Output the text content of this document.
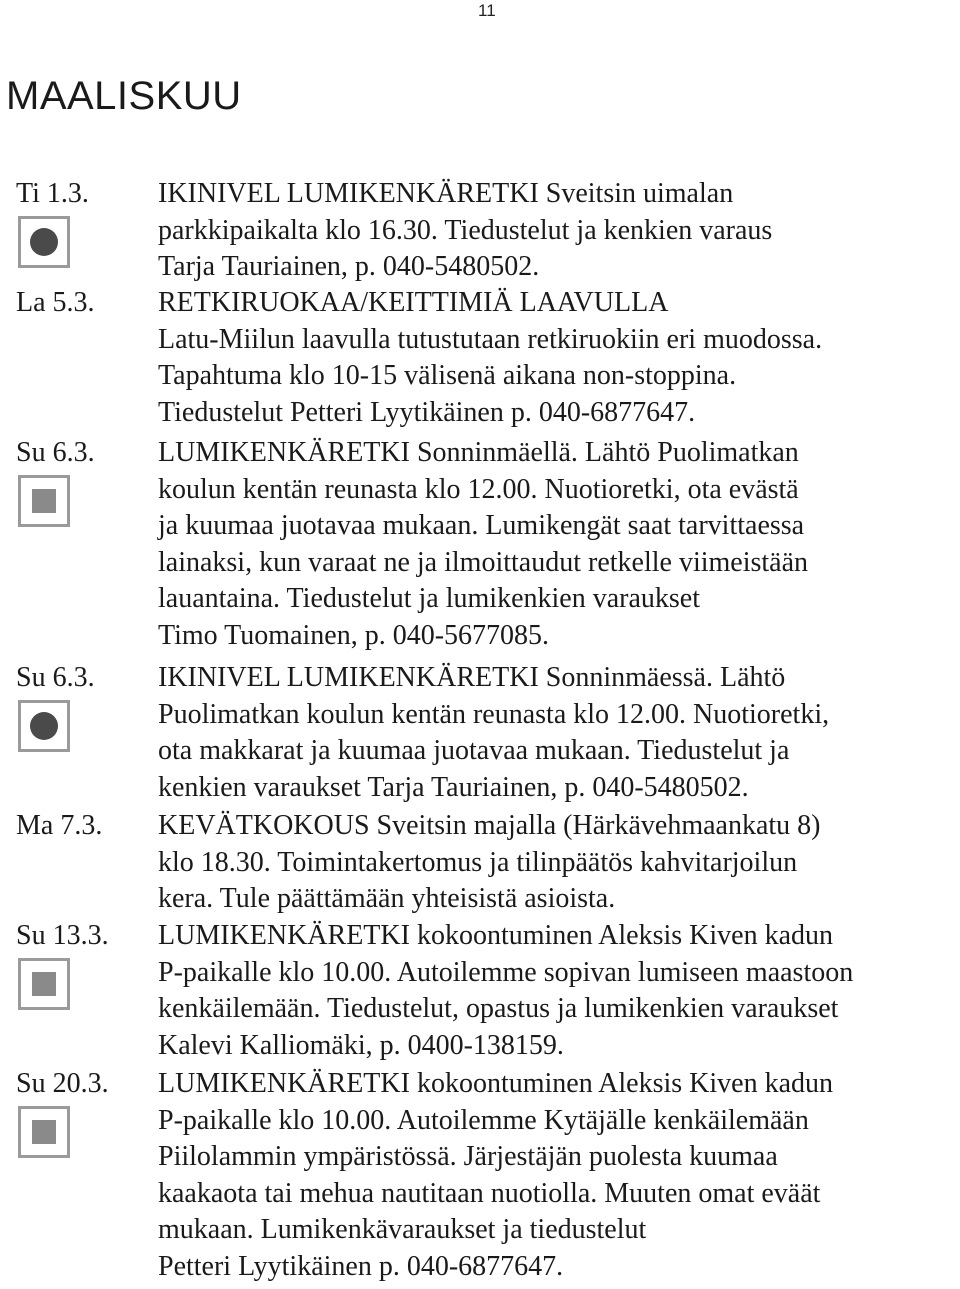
11
MAALISKUU
Ti 1.3. IKINIVEL LUMIKENKÄRETKI Sveitsin uimalan
parkkipaikalta klo 16.30. Tiedustelut ja kenkien varaus
Tarja Tauriainen, p. 040-5480502.
La 5.3. RETKIRUOKAA/KEITTIMIÄ LAAVULLA
Latu-Miilun laavulla tutustutaan retkiruokiin eri muodossa.
Tapahtuma klo 10-15 välisenä aikana non-stoppina.
Tiedustelut Petteri Lyytikäinen p. 040-6877647.
Su 6.3. LUMIKENKÄRETKI Sonninmäellä. Lähtö Puolimatkan
koulun kentän reunasta klo 12.00. Nuotioretki, ota evästä
ja kuumaa juotavaa mukaan. Lumikengät saat tarvittaessa
lainaksi, kun varaat ne ja ilmoittaudut retkelle viimeistään
lauantaina. Tiedustelut ja lumikenkien varaukset
Timo Tuomainen, p. 040-5677085.
Su 6.3. IKINIVEL LUMIKENKÄRETKI Sonninmäessä. Lähtö
Puolimatkan koulun kentän reunasta klo 12.00. Nuotioretki,
ota makkarat ja kuumaa juotavaa mukaan. Tiedustelut ja
kenkien varaukset Tarja Tauriainen, p. 040-5480502.
Ma 7.3. KEVÄTKOKOUS Sveitsin majalla (Härkävehmaankatu 8)
klo 18.30. Toimintakertomus ja tilinpäätös kahvitarjoilun
kera. Tule päättämään yhteisistä asioista.
Su 13.3. LUMIKENKÄRETKI kokoontuminen Aleksis Kiven kadun
P-paikalle klo 10.00. Autoilemme sopivan lumiseen maastoon
kenkäilemään. Tiedustelut, opastus ja lumikenkien varaukset
Kalevi Kalliomäki, p. 0400-138159.
Su 20.3. LUMIKENKÄRETKI kokoontuminen Aleksis Kiven kadun
P-paikalle klo 10.00. Autoilemme Kytäjälle kenkäilemään
Piilolammin ympäristössä. Järjestäjän puolesta kuumaa
kaakaota tai mehua nautitaan nuotiolla. Muuten omat eväät
mukaan. Lumikenkävaraukset ja tiedustelut
Petteri Lyytikäinen p. 040-6877647.
